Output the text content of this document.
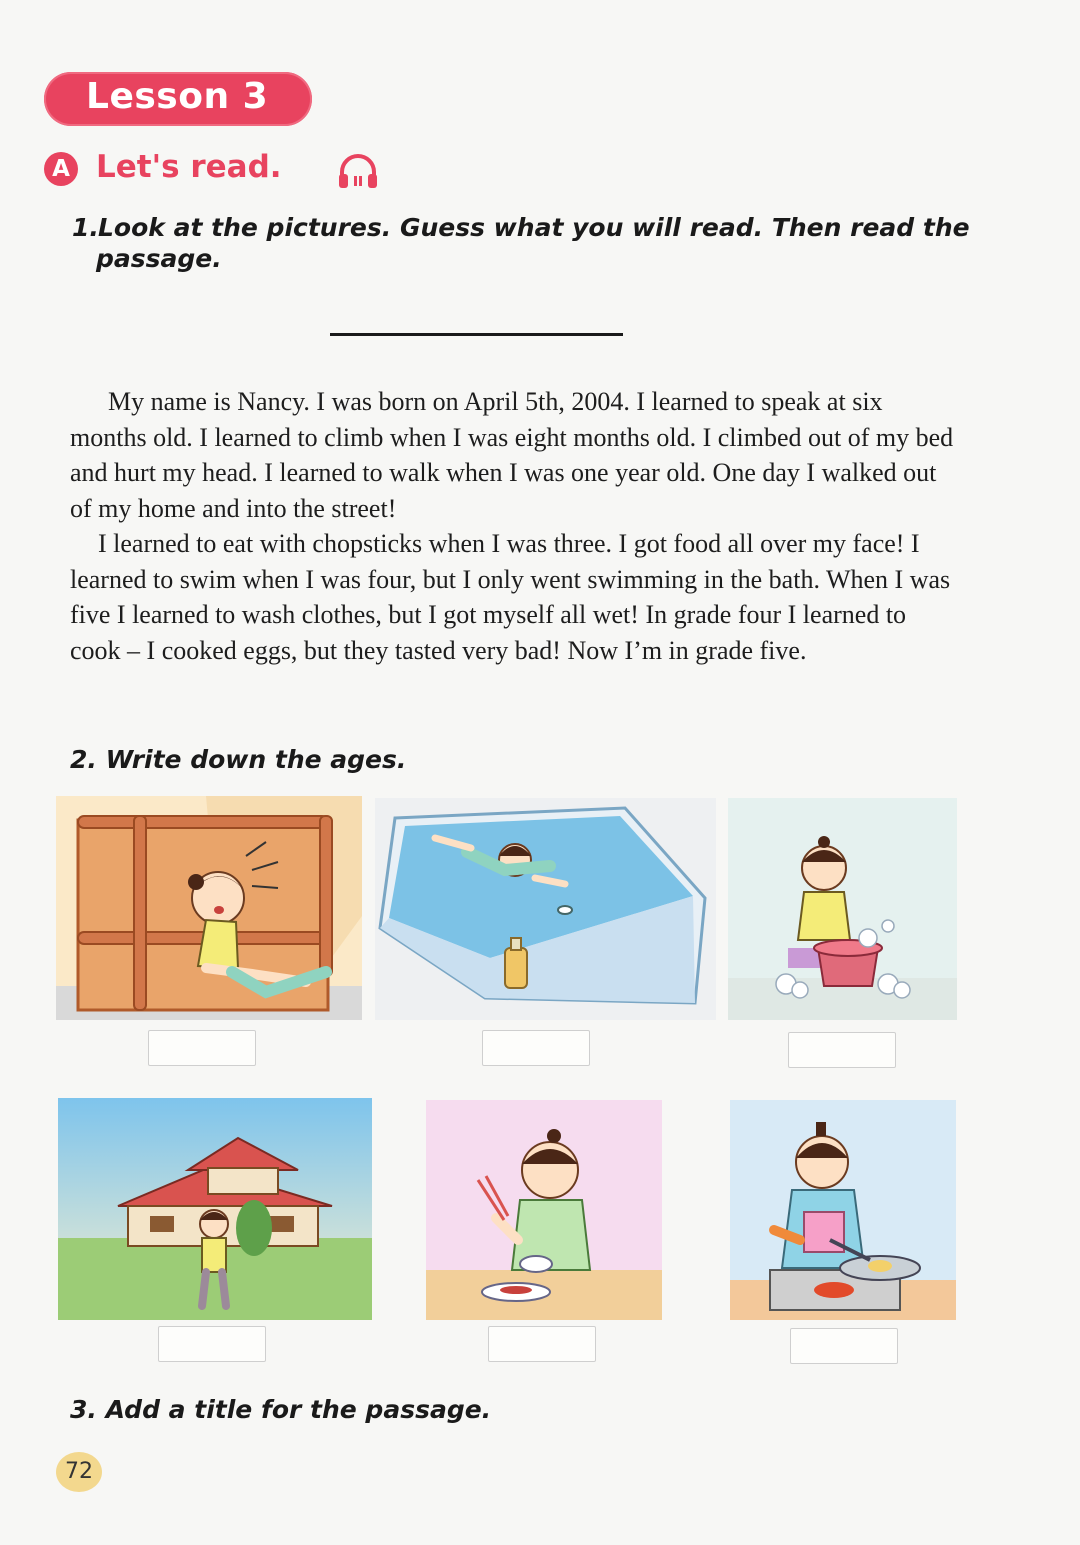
Lesson 3
A Let's read.
1.Look at the pictures. Guess what you will read. Then read the
passage.

My name is Nancy. I was born on April 5th, 2004. I learned to speak at six months old. I learned to climb when I was eight months old. I climbed out of my bed and hurt my head. I learned to walk when I was one year old. One day I walked out of my home and into the street!

I learned to eat with chopsticks when I was three. I got food all over my face! I learned to swim when I was four, but I only went swimming in the bath. When I was five I learned to wash clothes, but I got myself all wet! In grade four I learned to cook – I cooked eggs, but they tasted very bad! Now I’m in grade five.

2. Write down the ages.
3. Add a title for the passage.
72
